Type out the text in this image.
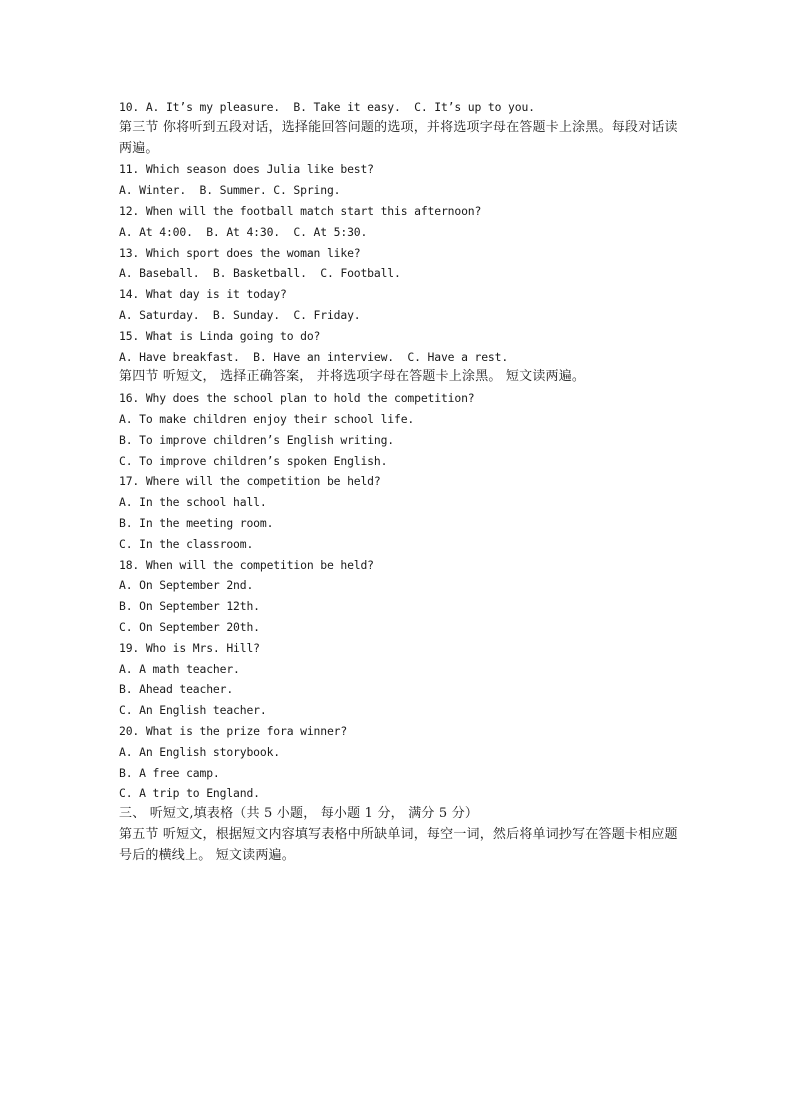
10. A. It’s my pleasure.  B. Take it easy.  C. It’s up to you.
第三节 你将听到五段对话，选择能回答问题的选项，并将选项字母在答题卡上涂黑。每段对话读两遍。
11. Which season does Julia like best?
A. Winter.  B. Summer. C. Spring.
12. When will the football match start this afternoon?
A. At 4:00.  B. At 4:30.  C. At 5:30.
13. Which sport does the woman like?
A. Baseball.  B. Basketball.  C. Football.
14. What day is it today?
A. Saturday.  B. Sunday.  C. Friday.
15. What is Linda going to do?
A. Have breakfast.  B. Have an interview.  C. Have a rest.
第四节 听短文， 选择正确答案， 并将选项字母在答题卡上涂黑。 短文读两遍。
16. Why does the school plan to hold the competition?
A. To make children enjoy their school life.
B. To improve children’s English writing.
C. To improve children’s spoken English.
17. Where will the competition be held?
A. In the school hall.
B. In the meeting room.
C. In the classroom.
18. When will the competition be held?
A. On September 2nd.
B. On September 12th.
C. On September 20th.
19. Who is Mrs. Hill?
A. A math teacher.
B. Ahead teacher.
C. An English teacher.
20. What is the prize fora winner?
A. An English storybook.
B. A free camp.
C. A trip to England.
三、 听短文,填表格（共 5 小题， 每小题 1 分， 满分 5 分）
第五节 听短文，根据短文内容填写表格中所缺单词，每空一词，然后将单词抄写在答题卡相应题号后的横线上。 短文读两遍。
